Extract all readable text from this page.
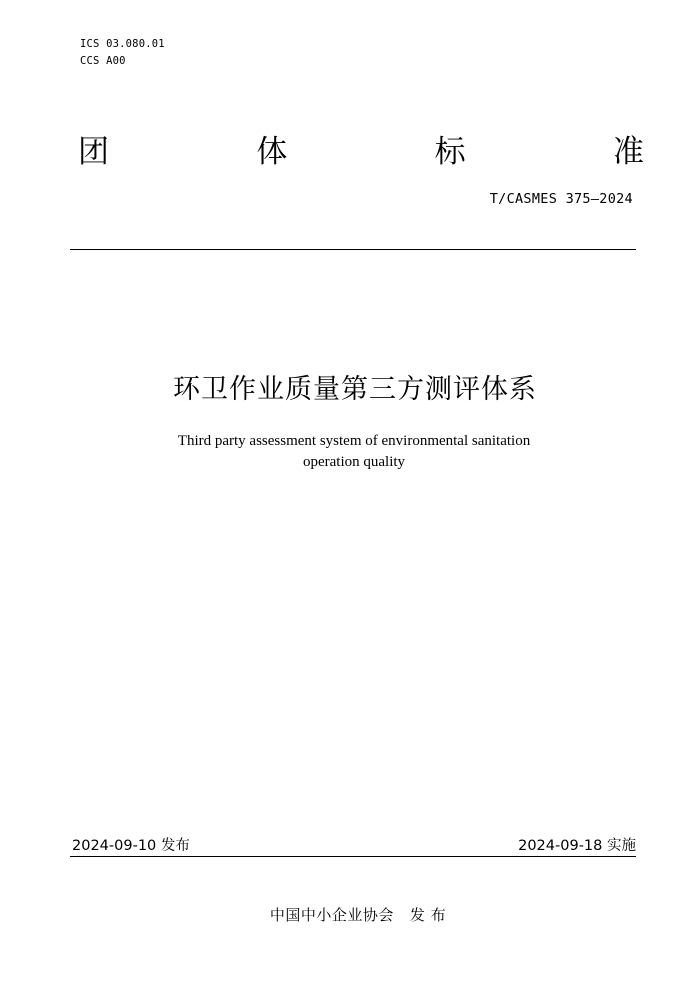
ICS 03.080.01
CCS A00
团	体	标	准
T/CASMES 375—2024
环卫作业质量第三方测评体系
Third party assessment system of environmental sanitation
operation quality
2024-09-10 发布	2024-09-18 实施
中国中小企业协会 发 布
